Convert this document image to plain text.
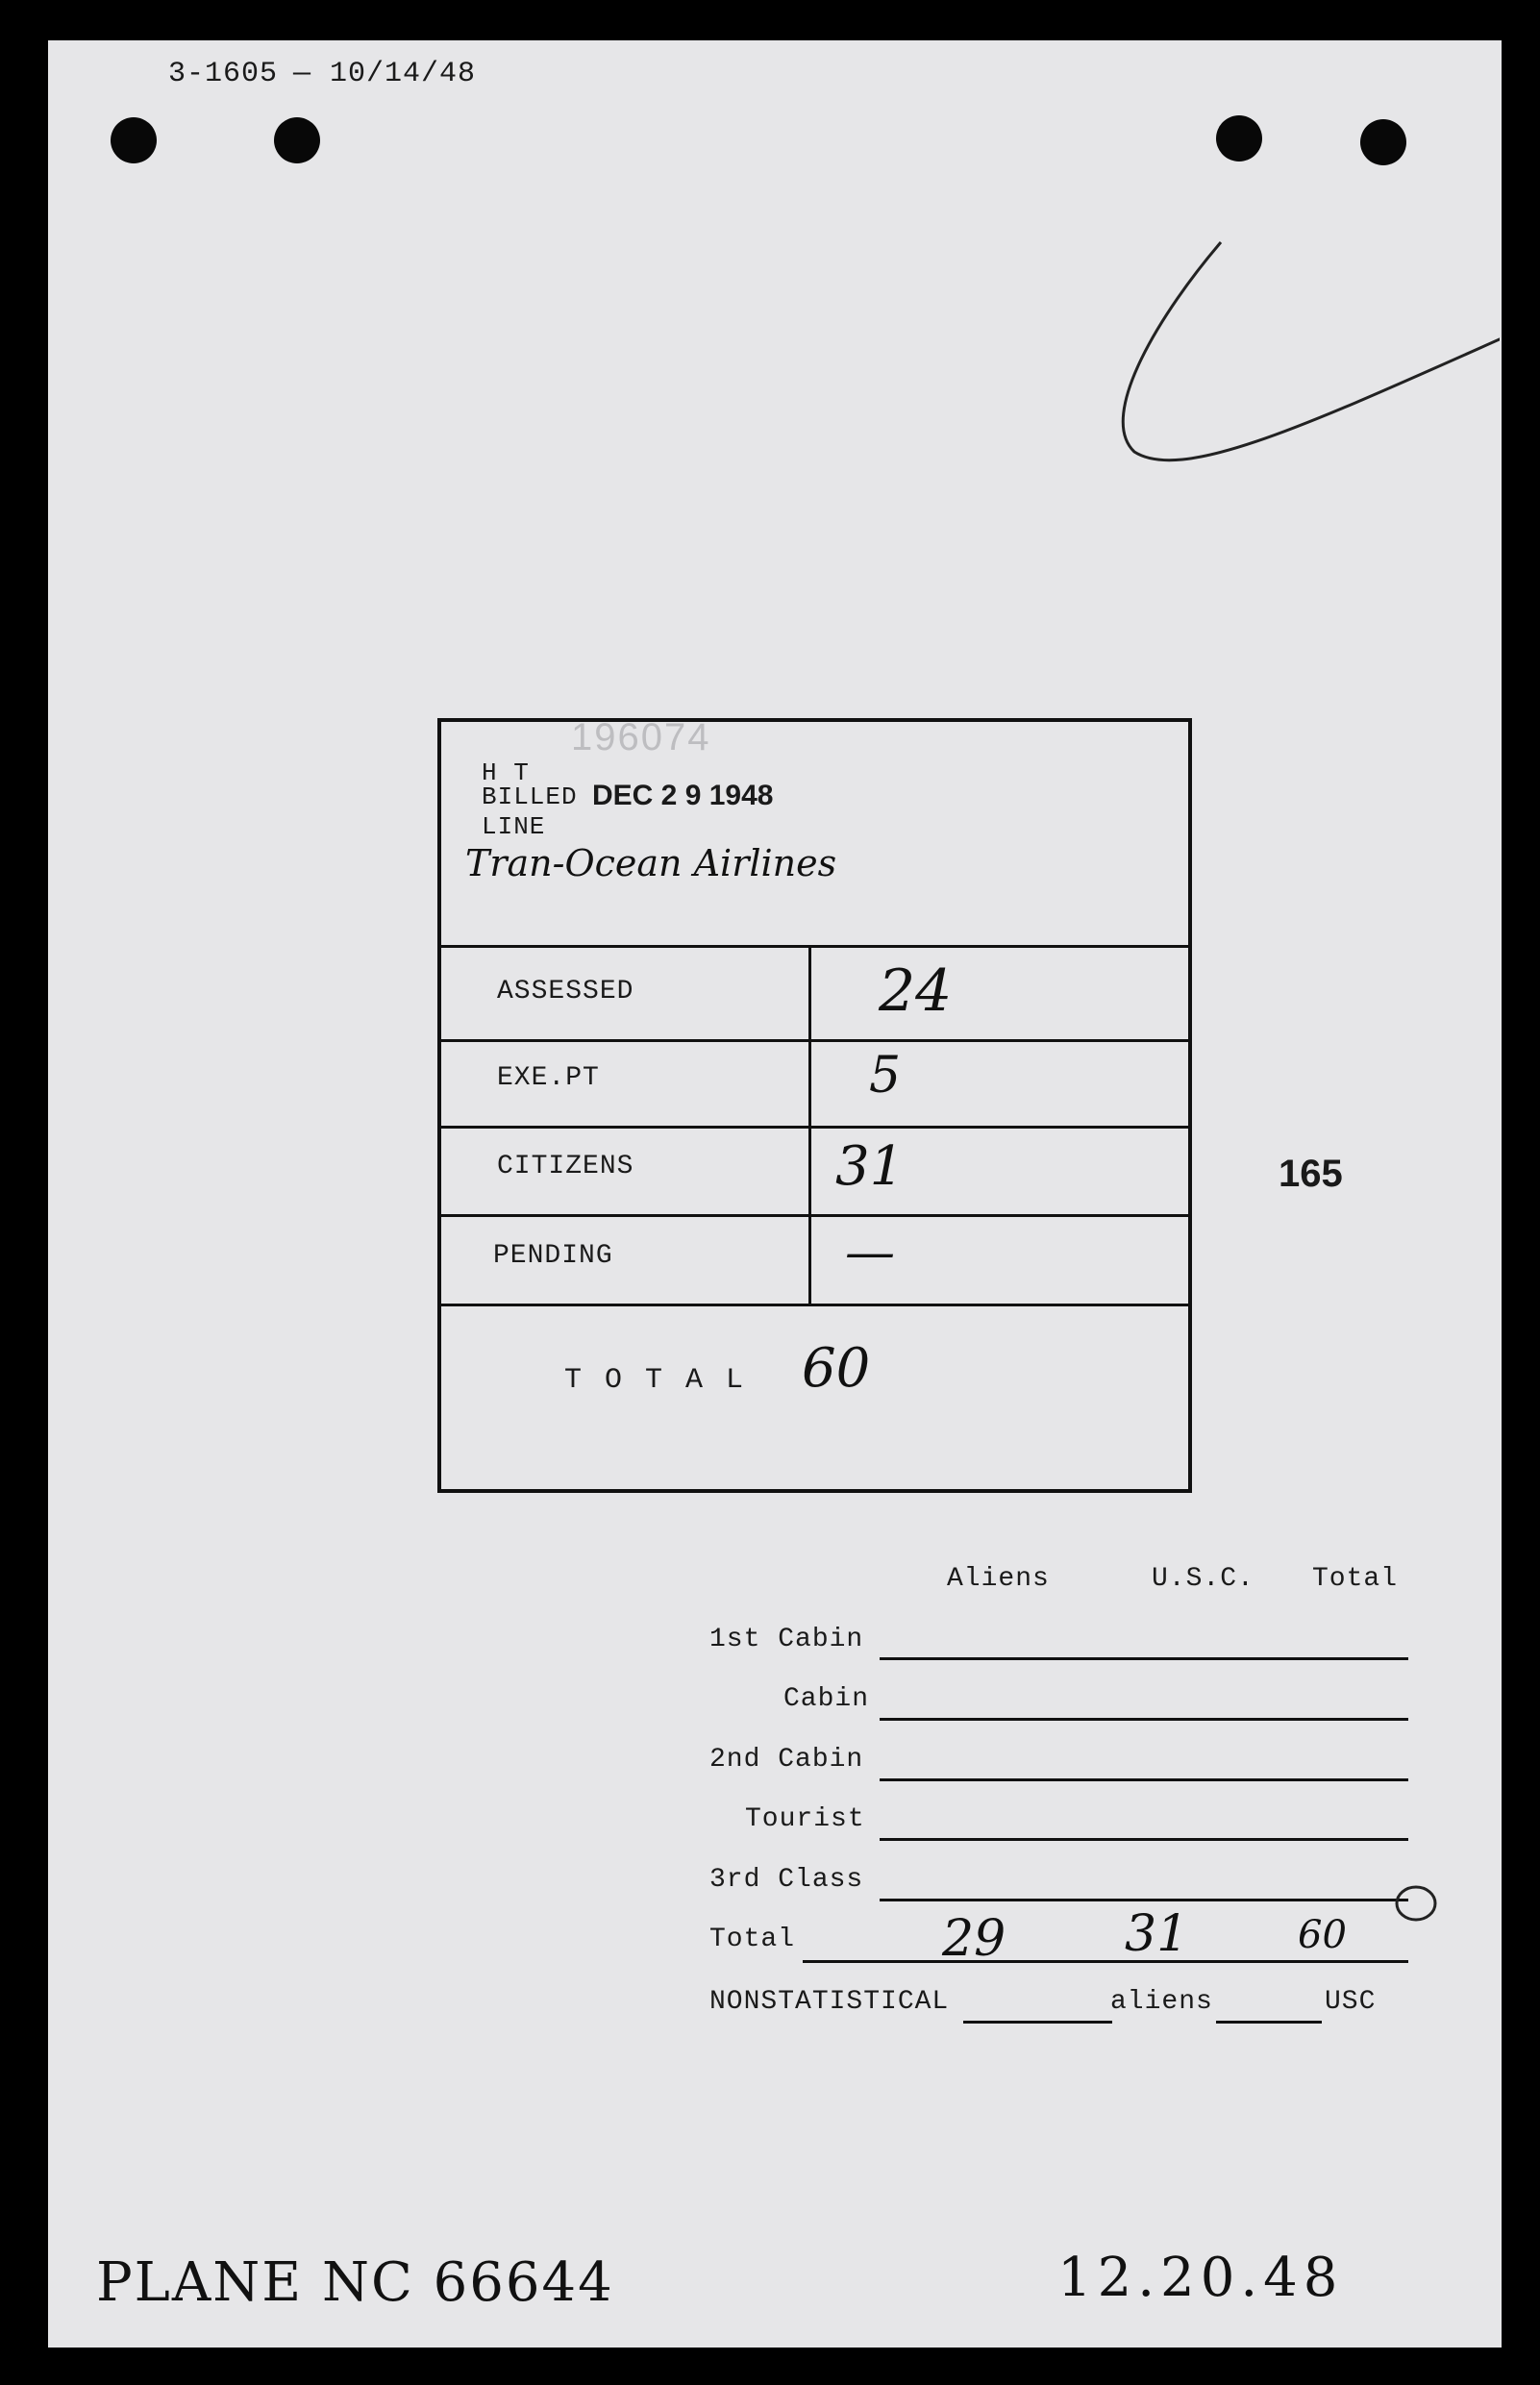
3-1605 — 10/14/48
196074
H T
BILLED DEC 2 9 1948
LINE
Tran-Ocean Airlines
ASSESSED	24
EXE.PT	5
CITIZENS	31
PENDING	—
T O T A L 60
165
Aliens	U.S.C. Total
1st Cabin
Cabin
2nd Cabin
Tourist
3rd Class
Total	29 31	60
NONSTATISTICAL	aliens	USC
PLANE NC 66644	12.20.48
